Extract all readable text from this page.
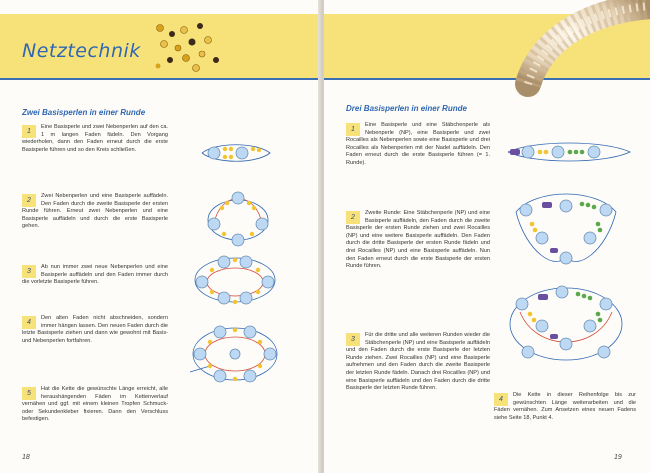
Netztechnik
Zwei Basisperlen in einer Runde
1
Eine Basisperle und zwei Nebenperlen auf den ca. 1 m langen Faden fädeln. Den Vorgang wiederholen, dann den Faden erneut durch die erste Basisperle führen und so den Kreis schließen.
2
Zwei Nebenperlen und eine Basisperle auffädeln. Den Faden durch die zweite Basisperle der ersten Runde führen. Erneut zwei Nebenperlen und eine Basisperle auffädeln und durch die erste Basisperle gehen.
3
Ab nun immer zwei neue Nebenperlen und eine Basisperle auffädeln und den Faden immer durch die vorletzte Basisperle führen.
4
Den alten Faden nicht abschneiden, sondern immer hängen lassen. Den neuen Faden durch die letzte Basisperle ziehen und dann wie gewohnt mit Basis- und Nebenperlen fortfahren.
5
Hat die Kette die gewünschte Länge erreicht, alle heraushängenden Fäden im Kettenverlauf vernähen und ggf. mit einem kleinen Tropfen Schmuck- oder Sekundenkleber fixieren. Dann den Verschluss befestigen.
18
Drei Basisperlen in einer Runde
1
Eine Basisperle und eine Stäbchenperle als Nebenperle (NP), eine Basisperle und zwei Rocailles als Nebenperlen sowie eine Basisperle und drei Rocailles als Nebenperlen mit der Nadel auffädeln. Den Faden erneut durch die erste Basisperle führen (= 1. Runde).
2
Zweite Runde: Eine Stäbchenperle (NP) und eine Basisperle auffädeln, den Faden durch die zweite Basisperle der ersten Runde ziehen und zwei Rocailles (NP) und eine weitere Basisperle auffädeln. Den Faden durch die dritte Basisperle der ersten Runde fädeln und drei Rocailles (NP) und eine Basisperle auffädeln. Nun den Faden erneut durch die erste Basisperle der ersten Runde führen.
3
Für die dritte und alle weiteren Runden wieder die Stäbchenperle (NP) und eine Basisperle auffädeln und den Faden durch die erste Basisperle der letzten Runde ziehen. Zwei Rocailles (NP) und eine Basisperle aufnehmen und den Faden durch die zweite Basisperle der letzten Runde fädeln. Danach drei Rocailles (NP) und eine Basisperle auffädeln und den Faden durch die dritte Basisperle der letzten Runde führen.
4
Die Kette in dieser Reihenfolge bis zur gewünschten Länge weiterarbeiten und die Fäden vernähen. Zum Ansetzen eines neuen Fadens siehe Seite 18, Punkt 4.
19
